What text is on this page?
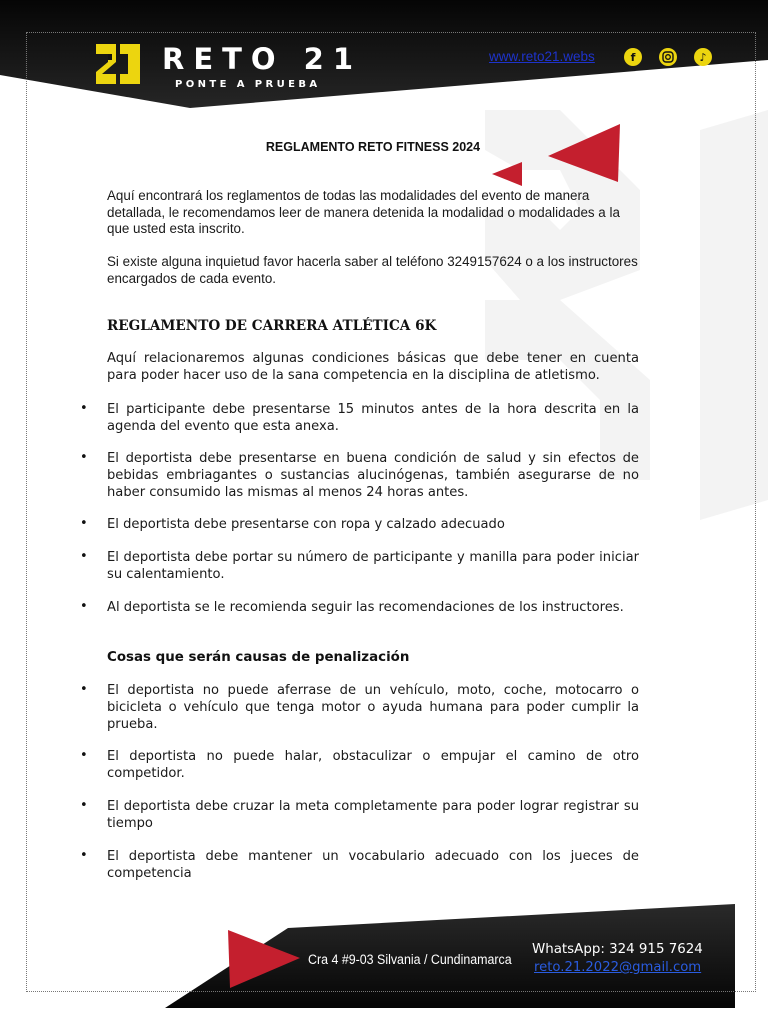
RETO 21
PONTE A PRUEBA
www.reto21.webs	f	♪
REGLAMENTO RETO FITNESS 2024

Aquí encontrará los reglamentos de todas las modalidades del evento de manera detallada, le recomendamos leer de manera detenida la modalidad o modalidades a la que usted esta inscrito.

Si existe alguna inquietud favor hacerla saber al teléfono 3249157624 o a los instructores encargados de cada evento.

REGLAMENTO DE CARRERA ATLÉTICA 6K

Aquí relacionaremos algunas condiciones básicas que debe tener en cuenta para poder hacer uso de la sana competencia en la disciplina de atletismo.

• El participante debe presentarse 15 minutos antes de la hora descrita en la agenda del evento que esta anexa.
• El deportista debe presentarse en buena condición de salud y sin efectos de bebidas embriagantes o sustancias alucinógenas, también asegurarse de no haber consumido las mismas al menos 24 horas antes.
• El deportista debe presentarse con ropa y calzado adecuado
• El deportista debe portar su número de participante y manilla para poder iniciar su calentamiento.
• Al deportista se le recomienda seguir las recomendaciones de los instructores.
Cosas que serán causas de penalización
• El deportista no puede aferrase de un vehículo, moto, coche, motocarro o bicicleta o vehículo que tenga motor o ayuda humana para poder cumplir la prueba.
• El deportista no puede halar, obstaculizar o empujar el camino de otro competidor.
• El deportista debe cruzar la meta completamente para poder lograr registrar su tiempo
• El deportista debe mantener un vocabulario adecuado con los jueces de competencia
Cra 4 #9-03 Silvania / Cundinamarca
WhatsApp: 324 915 7624
reto.21.2022@gmail.com
